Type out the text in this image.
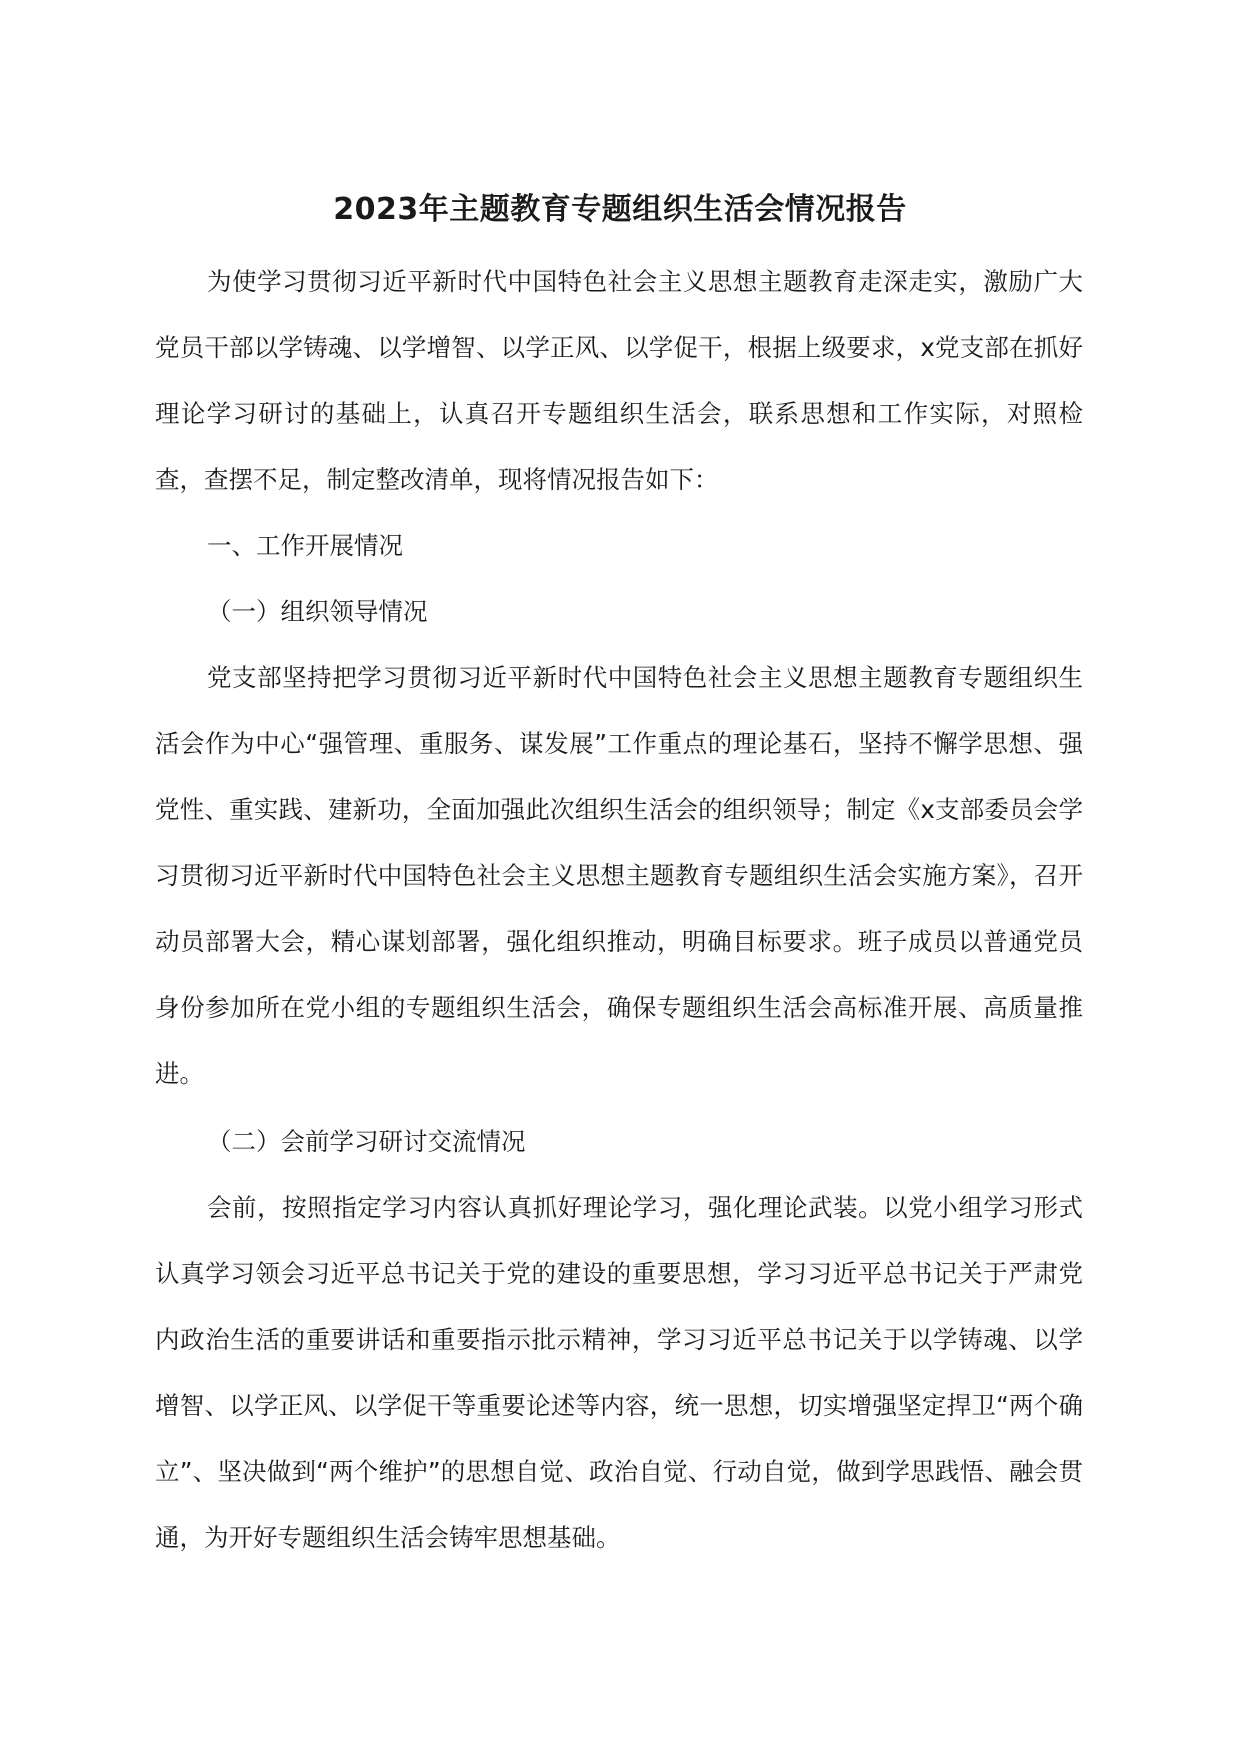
2023年主题教育专题组织生活会情况报告

为使学习贯彻习近平新时代中国特色社会主义思想主题教育走深走实，激励广大党员干部以学铸魂、以学增智、以学正风、以学促干，根据上级要求，x党支部在抓好理论学习研讨的基础上，认真召开专题组织生活会，联系思想和工作实际，对照检查，查摆不足，制定整改清单，现将情况报告如下：

一、工作开展情况

（一）组织领导情况

党支部坚持把学习贯彻习近平新时代中国特色社会主义思想主题教育专题组织生活会作为中心“强管理、重服务、谋发展”工作重点的理论基石，坚持不懈学思想、强党性、重实践、建新功，全面加强此次组织生活会的组织领导；制定《x支部委员会学习贯彻习近平新时代中国特色社会主义思想主题教育专题组织生活会实施方案》，召开动员部署大会，精心谋划部署，强化组织推动，明确目标要求。班子成员以普通党员身份参加所在党小组的专题组织生活会，确保专题组织生活会高标准开展、高质量推进。

（二）会前学习研讨交流情况

会前，按照指定学习内容认真抓好理论学习，强化理论武装。以党小组学习形式认真学习领会习近平总书记关于党的建设的重要思想，学习习近平总书记关于严肃党内政治生活的重要讲话和重要指示批示精神，学习习近平总书记关于以学铸魂、以学增智、以学正风、以学促干等重要论述等内容，统一思想，切实增强坚定捍卫“两个确立”、坚决做到“两个维护”的思想自觉、政治自觉、行动自觉，做到学思践悟、融会贯通，为开好专题组织生活会铸牢思想基础。
